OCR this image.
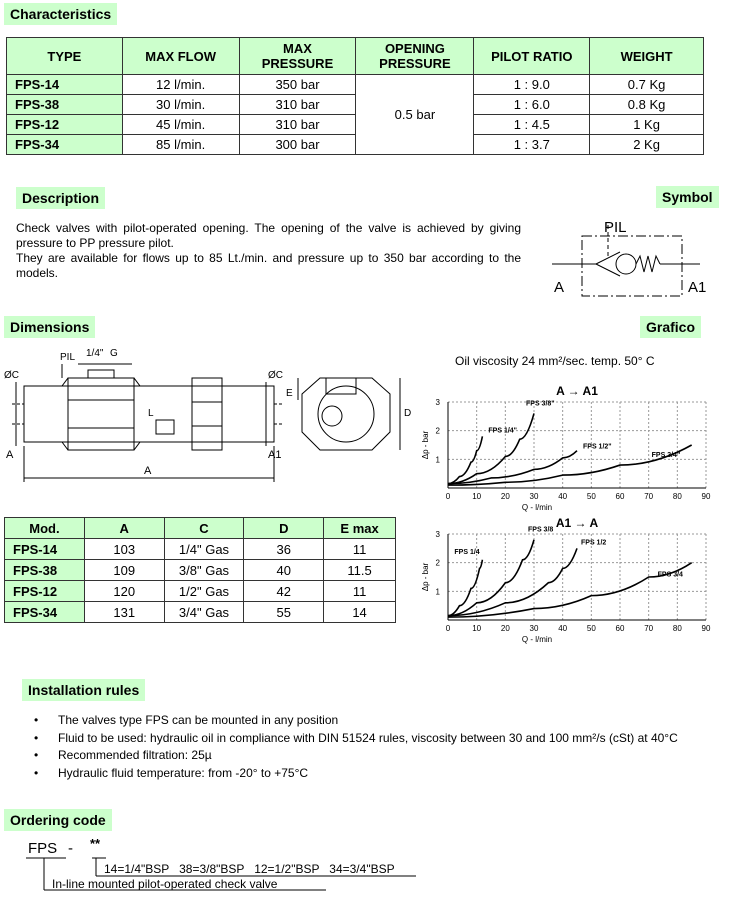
Characteristics
TYPE	MAX FLOW	MAX PRESSURE	OPENING PRESSURE	PILOT RATIO	WEIGHT
FPS-14	12 l/min.	350 bar	0.5 bar	1 : 9.0	0.7 Kg
FPS-38	30 l/min.	310 bar		1 : 6.0	0.8 Kg
FPS-12	45 l/min.	310 bar		1 : 4.5	1 Kg
FPS-34	85 l/min.	300 bar		1 : 3.7	2 Kg
Description	Symbol

Check valves with pilot-operated opening. The opening of the valve is achieved by giving pressure to PP pressure pilot.

They are available for flows up to 85 Lt./min. and pressure up to 350 bar according to the models.

PIL
A	A1
Dimensions	Grafico
PIL 1/4" G
ØC	ØC
A	A1
A
L
E
D
Mod.	A	C	D	E max
FPS-14	103	1/4" Gas	36	11
FPS-38	109	3/8" Gas	40	11.5
FPS-12	120	1/2" Gas	42	11
FPS-34	131	3/4" Gas	55	14
Oil viscosity 24 mm²/sec. temp. 50° C
0	10 20 30 40 50 60 70 80 90
1
2
3
A → A1
Q - l/min
Δp - bar	FPS 1/4"
FPS 3/8"
FPS 1/2"
FPS 3/4"
0	10 20 30 40 50 60 70 80 90
1
2
3
A1 → A
Q - l/min
Δp - bar
FPS 1/4
FPS 3/8
FPS 1/2
FPS 3/4
Installation rules
• The valves type FPS can be mounted in any position
• Fluid to be used: hydraulic oil in compliance with DIN 51524 rules, viscosity between 30 and 100 mm²/s (cSt) at 40°C
• Recommended filtration: 25µ
• Hydraulic fluid temperature: from -20° to +75°C
Ordering code
FPS - **
14=1/4"BSP   38=3/8"BSP   12=1/2"BSP   34=3/4"BSP
In-line mounted pilot-operated check valve
